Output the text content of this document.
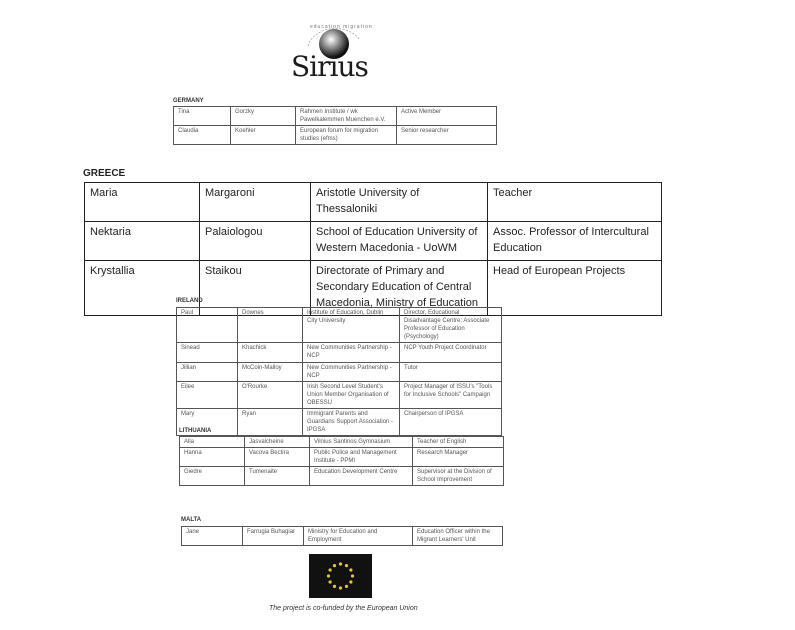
Sirius
education migration
GERMANY
Tina	Gorzky	Rahmen Institute / wk Pawelkalemmen Muenchen e.V.	Active Member
Claudia	Koehler	European forum for migration studies (efms)	Senior researcher
GREECE
Maria	Margaroni	Aristotle University of Thessaloniki	Teacher
Nektaria	Palaiologou	School of Education University of Western Macedonia - UoWM	Assoc. Professor of Intercultural Education
Krystallia	Staikou	Directorate of Primary and Secondary Education of Central Macedonia, Ministry of Education	Head of European Projects
IRELAND
Paul	Downes	Institute of Education, Dublin City University	Director, Educational Disadvantage Centre; Associate Professor of Education (Psychology)
Sinead	Khachick	New Communities Partnership - NCP	NCP Youth Project Coordinator
Jillian	McCoin-Malloy	New Communities Partnership - NCP	Tutor
Eilee	O'Rourke	Irish Second Level Student's Union Member Organisation of OBESSU	Project Manager of ISSU's "Tools for Inclusive Schools" Campaign
Mary	Ryan	Immigrant Parents and Guardians Support Association - IPGSA	Chairperson of IPGSA
LITHUANIA
Alla	Jasvalcheine	Vilnius Santinos Gymnasium	Teacher of English
Hanna	Vacova Bectira	Public Police and Management Institute - PPMI	Research Manager
Giedre	Tumenaite	Education Development Centre	Supervisor at the Division of School Improvement
MALTA
Jane	Farrugia Buhagiar	Ministry for Education and Employment	Education Officer within the Migrant Learners' Unit
The project is co-funded by the European Union
